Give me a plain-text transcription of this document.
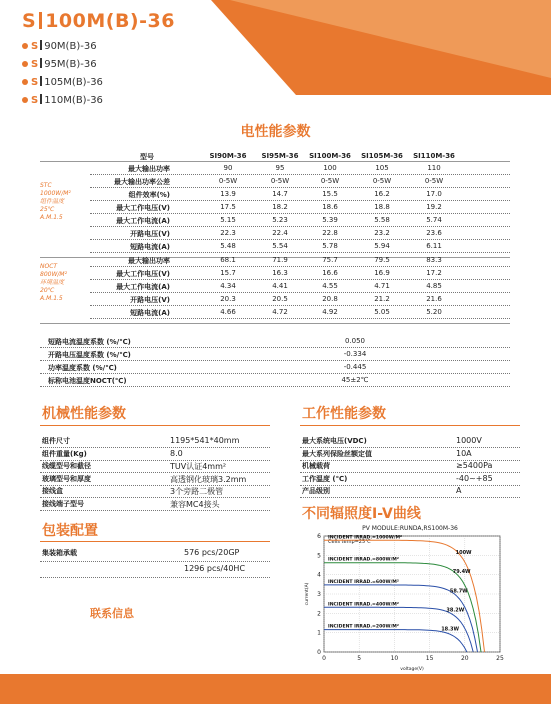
S 100M(B)-36
S 90M(B)-36
S 95M(B)-36
S 105M(B)-36
S 110M(B)-36
电性能参数
型号	SⅠ90M-36	SⅠ95M-36	SⅠ100M-36 SⅠ105M-36 SⅠ110M-36
最大输出功率	90	95	100	105	110
最大输出功率公差	0-5W	0-5W	0-5W	0-5W	0-5W
组件效率(%)	13.9	14.7	15.5	16.2	17.0
最大工作电压(V)	17.5	18.2	18.6	18.8	19.2
最大工作电流(A)	5.15	5.23	5.39	5.58	5.74
开路电压(V)	22.3	22.4	22.8	23.2	23.6
短路电流(A)	5.48	5.54	5.78	5.94	6.11
最大输出功率	68.1	71.9	75.7	79.5	83.3
最大工作电压(V)	15.7	16.3	16.6	16.9	17.2
最大工作电流(A)	4.34	4.41	4.55	4.71	4.85
开路电压(V)	20.3	20.5	20.8	21.2	21.6
短路电流(A)	4.66	4.72	4.92	5.05	5.20
短路电流温度系数 (%/℃)	0.050
开路电压温度系数 (%/℃)	-0.334
功率温度系数 (%/℃)	-0.445
标称电池温度NOCT(℃)	45±2℃
STC
1000W/M²
组件温度
25℃
A.M.1.5
NOCT
800W/M²
环境温度
20℃
A.M.1.5
机械性能参数
组件尺寸	1195*541*40mm
组件重量(Kg)	8.0
线缆型号和截径	TUV认证4mm²
玻璃型号和厚度	高透钢化玻璃3.2mm
接线盒	3个旁路二极管
接线端子型号	兼容MC4接头
包装配置
集装箱承载	576 pcs/20GP
1296 pcs/40HC
联系信息
工作性能参数
最大系统电压(VDC)	1000V
最大系列保险丝额定值	10A
机械载荷	≥5400Pa
工作温度 (℃)	-40~+85
产品级别	A
不同辐照度I-V曲线
PV MODULE:RUNDA,RS100M-36
0	5	10	15	20	25
0
1
2
3
4
5
6
voltage(V)
current(A)
Cells temp=25℃
INCIDENT IRRAD.=1000W/M²
100W
INCIDENT IRRAD.=800W/M²
79.4W
INCIDENT IRRAD.=600W/M²
58.7W
INCIDENT IRRAD.=400W/M²
38.2W
INCIDENT IRRAD.=200W/M²	18.3W
